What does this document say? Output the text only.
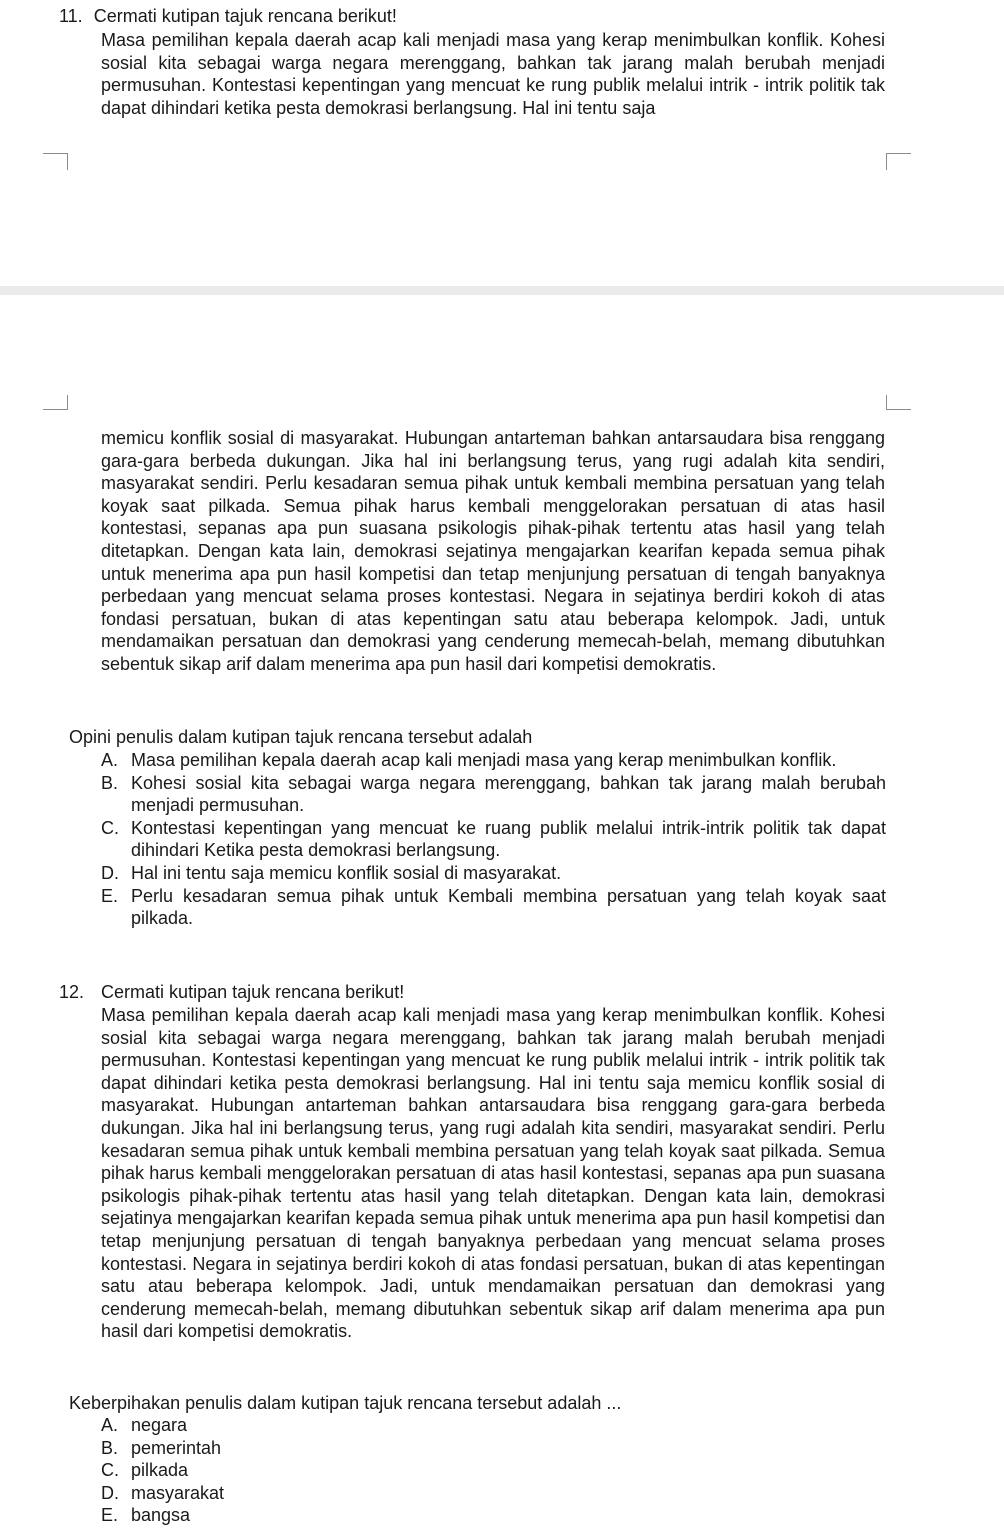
11. Cermati kutipan tajuk rencana berikut!

Masa pemilihan kepala daerah acap kali menjadi masa yang kerap menimbulkan konflik. Kohesi sosial kita sebagai warga negara merenggang, bahkan tak jarang malah berubah menjadi permusuhan. Kontestasi kepentingan yang mencuat ke rung publik melalui intrik - intrik politik tak dapat dihindari ketika pesta demokrasi berlangsung. Hal ini tentu saja

memicu konflik sosial di masyarakat. Hubungan antarteman bahkan antarsaudara bisa renggang gara-gara berbeda dukungan. Jika hal ini berlangsung terus, yang rugi adalah kita sendiri, masyarakat sendiri. Perlu kesadaran semua pihak untuk kembali membina persatuan yang telah koyak saat pilkada. Semua pihak harus kembali menggelorakan persatuan di atas hasil kontestasi, sepanas apa pun suasana psikologis pihak-pihak tertentu atas hasil yang telah ditetapkan. Dengan kata lain, demokrasi sejatinya mengajarkan kearifan kepada semua pihak untuk menerima apa pun hasil kompetisi dan tetap menjunjung persatuan di tengah banyaknya perbedaan yang mencuat selama proses kontestasi. Negara in sejatinya berdiri kokoh di atas fondasi persatuan, bukan di atas kepentingan satu atau beberapa kelompok. Jadi, untuk mendamaikan persatuan dan demokrasi yang cenderung memecah-belah, memang dibutuhkan sebentuk sikap arif dalam menerima apa pun hasil dari kompetisi demokratis.

Opini penulis dalam kutipan tajuk rencana tersebut adalah

A. Masa pemilihan kepala daerah acap kali menjadi masa yang kerap menimbulkan konflik.
B. Kohesi sosial kita sebagai warga negara merenggang, bahkan tak jarang malah berubah menjadi permusuhan.
C. Kontestasi kepentingan yang mencuat ke ruang publik melalui intrik-intrik politik tak dapat dihindari Ketika pesta demokrasi berlangsung.
D. Hal ini tentu saja memicu konflik sosial di masyarakat.
E. Perlu kesadaran semua pihak untuk Kembali membina persatuan yang telah koyak saat pilkada.
12. Cermati kutipan tajuk rencana berikut!

Masa pemilihan kepala daerah acap kali menjadi masa yang kerap menimbulkan konflik. Kohesi sosial kita sebagai warga negara merenggang, bahkan tak jarang malah berubah menjadi permusuhan. Kontestasi kepentingan yang mencuat ke rung publik melalui intrik - intrik politik tak dapat dihindari ketika pesta demokrasi berlangsung. Hal ini tentu saja memicu konflik sosial di masyarakat. Hubungan antarteman bahkan antarsaudara bisa renggang gara-gara berbeda dukungan. Jika hal ini berlangsung terus, yang rugi adalah kita sendiri, masyarakat sendiri. Perlu kesadaran semua pihak untuk kembali membina persatuan yang telah koyak saat pilkada. Semua pihak harus kembali menggelorakan persatuan di atas hasil kontestasi, sepanas apa pun suasana psikologis pihak-pihak tertentu atas hasil yang telah ditetapkan. Dengan kata lain, demokrasi sejatinya mengajarkan kearifan kepada semua pihak untuk menerima apa pun hasil kompetisi dan tetap menjunjung persatuan di tengah banyaknya perbedaan yang mencuat selama proses kontestasi. Negara in sejatinya berdiri kokoh di atas fondasi persatuan, bukan di atas kepentingan satu atau beberapa kelompok. Jadi, untuk mendamaikan persatuan dan demokrasi yang cenderung memecah-belah, memang dibutuhkan sebentuk sikap arif dalam menerima apa pun hasil dari kompetisi demokratis.

Keberpihakan penulis dalam kutipan tajuk rencana tersebut adalah ...

A. negara
B. pemerintah
C. pilkada
D. masyarakat
E. bangsa
